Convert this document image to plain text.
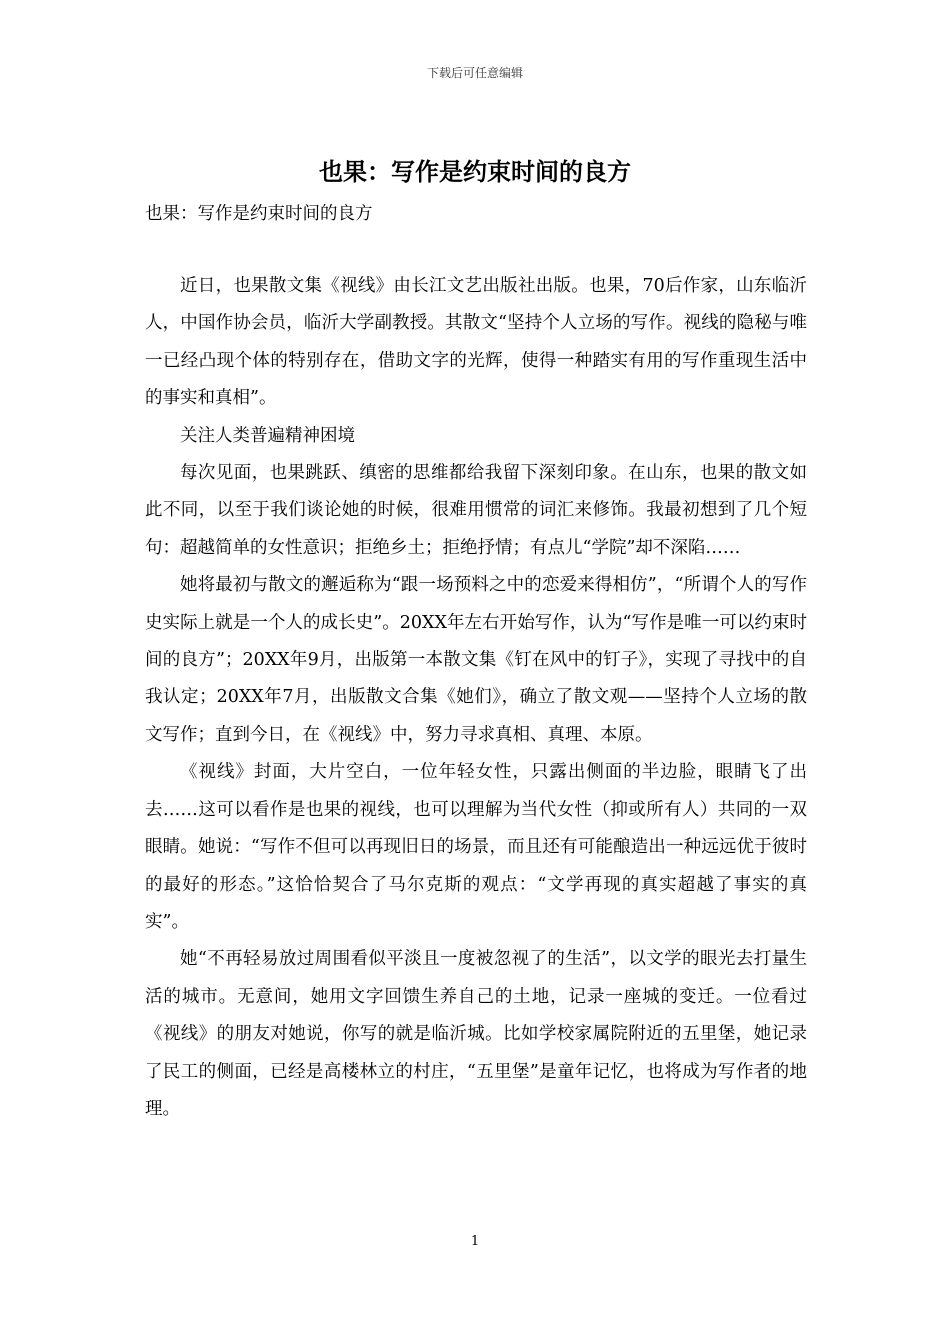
下载后可任意编辑
也果：写作是约束时间的良方
也果：写作是约束时间的良方

近日，也果散文集《视线》由长江文艺出版社出版。也果，70后作家，山东临沂人，中国作协会员，临沂大学副教授。其散文“坚持个人立场的写作。视线的隐秘与唯一已经凸现个体的特别存在，借助文字的光辉，使得一种踏实有用的写作重现生活中的事实和真相”。

关注人类普遍精神困境

每次见面，也果跳跃、缜密的思维都给我留下深刻印象。在山东，也果的散文如此不同，以至于我们谈论她的时候，很难用惯常的词汇来修饰。我最初想到了几个短句：超越简单的女性意识；拒绝乡土；拒绝抒情；有点儿“学院”却不深陷……

她将最初与散文的邂逅称为“跟一场预料之中的恋爱来得相仿”，“所谓个人的写作史实际上就是一个人的成长史”。20XX年左右开始写作，认为“写作是唯一可以约束时间的良方”；20XX年9月，出版第一本散文集《钉在风中的钉子》，实现了寻找中的自我认定；20XX年7月，出版散文合集《她们》，确立了散文观——坚持个人立场的散文写作；直到今日，在《视线》中，努力寻求真相、真理、本原。

《视线》封面，大片空白，一位年轻女性，只露出侧面的半边脸，眼睛飞了出去……这可以看作是也果的视线，也可以理解为当代女性（抑或所有人）共同的一双眼睛。她说：“写作不但可以再现旧日的场景，而且还有可能酿造出一种远远优于彼时的最好的形态。”这恰恰契合了马尔克斯的观点：“文学再现的真实超越了事实的真实”。

她“不再轻易放过周围看似平淡且一度被忽视了的生活”，以文学的眼光去打量生活的城市。无意间，她用文字回馈生养自己的土地，记录一座城的变迁。一位看过《视线》的朋友对她说，你写的就是临沂城。比如学校家属院附近的五里堡，她记录了民工的侧面，已经是高楼林立的村庄，“五里堡”是童年记忆，也将成为写作者的地理。

1
